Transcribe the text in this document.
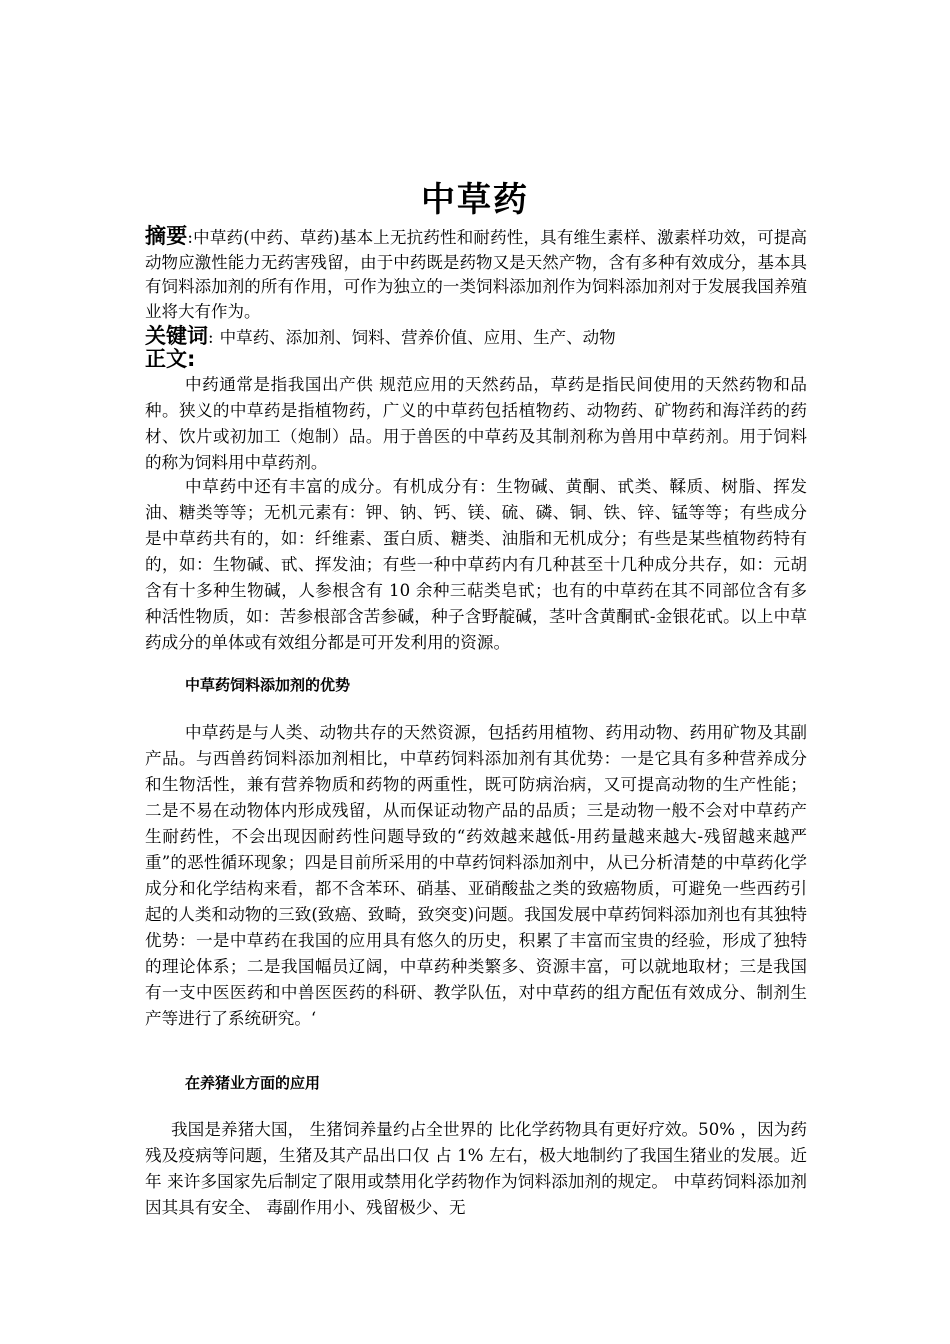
中草药
摘要:中草药(中药、草药)基本上无抗药性和耐药性，具有维生素样、激素样功效，可提高动物应激性能力无药害残留，由于中药既是药物又是天然产物，含有多种有效成分，基本具有饲料添加剂的所有作用，可作为独立的一类饲料添加剂作为饲料添加剂对于发展我国养殖业将大有作为。
关键词: 中草药、添加剂、饲料、营养价值、应用、生产、动物
正文:

中药通常是指我国出产供 规范应用的天然药品，草药是指民间使用的天然药物和品种。狭义的中草药是指植物药，广义的中草药包括植物药、动物药、矿物药和海洋药的药材、饮片或初加工（炮制）品。用于兽医的中草药及其制剂称为兽用中草药剂。用于饲料的称为饲料用中草药剂。

中草药中还有丰富的成分。有机成分有：生物碱、黄酮、甙类、鞣质、树脂、挥发油、糖类等等；无机元素有：钾、钠、钙、镁、硫、磷、铜、铁、锌、锰等等；有些成分是中草药共有的，如：纤维素、蛋白质、糖类、油脂和无机成分；有些是某些植物药特有的，如：生物碱、甙、挥发油；有些一种中草药内有几种甚至十几种成分共存，如：元胡含有十多种生物碱，人参根含有 10 余种三萜类皂甙；也有的中草药在其不同部位含有多种活性物质，如：苦参根部含苦参碱，种子含野靛碱，茎叶含黄酮甙-金银花甙。以上中草药成分的单体或有效组分都是可开发利用的资源。

中草药饲料添加剂的优势

中草药是与人类、动物共存的天然资源，包括药用植物、药用动物、药用矿物及其副产品。与西兽药饲料添加剂相比，中草药饲料添加剂有其优势：一是它具有多种营养成分和生物活性，兼有营养物质和药物的两重性，既可防病治病，又可提高动物的生产性能；二是不易在动物体内形成残留，从而保证动物产品的品质；三是动物一般不会对中草药产生耐药性，不会出现因耐药性问题导致的“药效越来越低-用药量越来越大-残留越来越严重”的恶性循环现象；四是目前所采用的中草药饲料添加剂中，从已分析清楚的中草药化学成分和化学结构来看，都不含苯环、硝基、亚硝酸盐之类的致癌物质，可避免一些西药引起的人类和动物的三致(致癌、致畸，致突变)问题。我国发展中草药饲料添加剂也有其独特优势：一是中草药在我国的应用具有悠久的历史，积累了丰富而宝贵的经验，形成了独特的理论体系；二是我国幅员辽阔，中草药种类繁多、资源丰富，可以就地取材；三是我国有一支中医医药和中兽医医药的科研、教学队伍，对中草药的组方配伍有效成分、制剂生产等进行了系统研究。‘

在养猪业方面的应用

我国是养猪大国， 生猪饲养量约占全世界的 比化学药物具有更好疗效。50% ，因为药残及疫病等问题，生猪及其产品出口仅 占 1% 左右，极大地制约了我国生猪业的发展。近年 来许多国家先后制定了限用或禁用化学药物作为饲料添加剂的规定。 中草药饲料添加剂因其具有安全、 毒副作用小、残留极少、无
